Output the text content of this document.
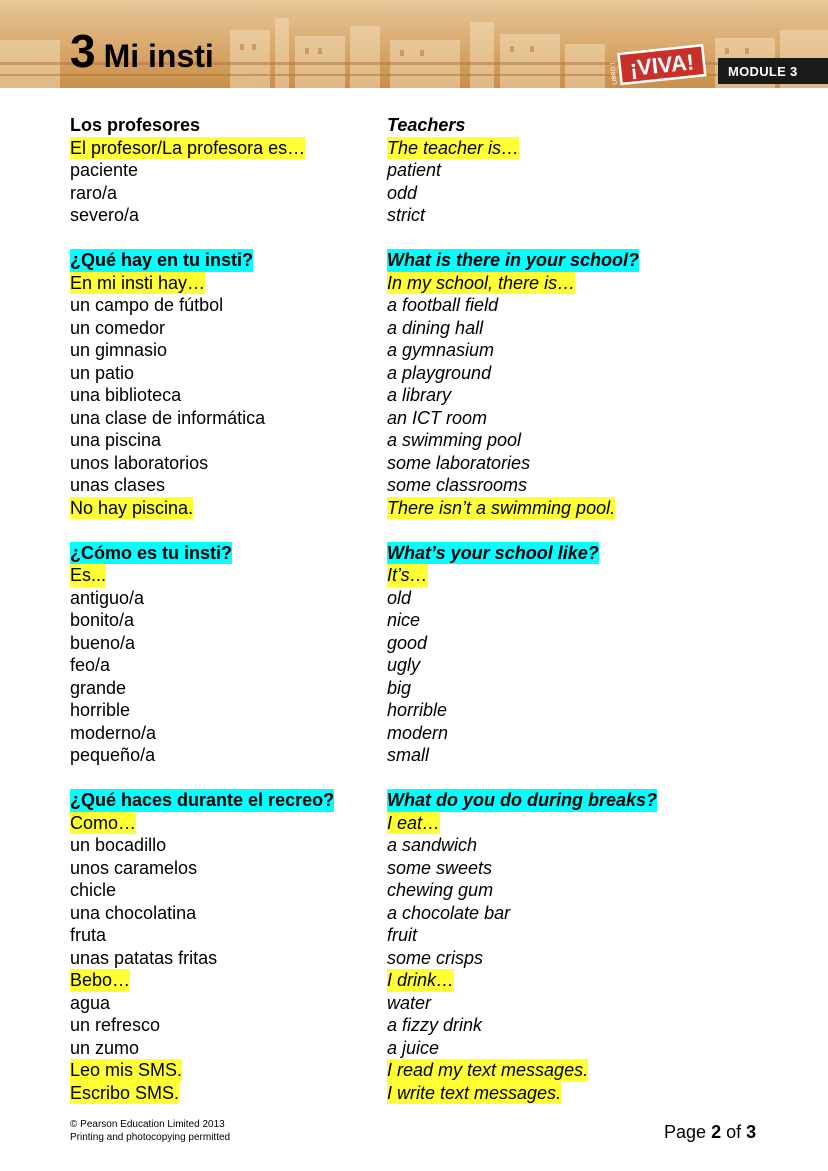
3 Mi insti	¡VIVA!
LIBRO 1	MODULE 3
Los profesores	Teachers
El profesor/La profesora es…	The teacher is…
paciente	patient
raro/a	odd
severo/a	strict
¿Qué hay en tu insti?	What is there in your school?
En mi insti hay…	In my school, there is…
un campo de fútbol	a football field
un comedor	a dining hall
un gimnasio	a gymnasium
un patio	a playground
una biblioteca	a library
una clase de informática	an ICT room
una piscina	a swimming pool
unos laboratorios	some laboratories
unas clases	some classrooms
No hay piscina.	There isn’t a swimming pool.
¿Cómo es tu insti?	What’s your school like?
Es...	It’s…
antiguo/a	old
bonito/a	nice
bueno/a	good
feo/a	ugly
grande	big
horrible	horrible
moderno/a	modern
pequeño/a	small
¿Qué haces durante el recreo?	What do you do during breaks?
Como…	I eat…
un bocadillo	a sandwich
unos caramelos	some sweets
chicle	chewing gum
una chocolatina	a chocolate bar
fruta	fruit
unas patatas fritas	some crisps
Bebo…	I drink…
agua	water
un refresco	a fizzy drink
un zumo	a juice
Leo mis SMS.	I read my text messages.
Escribo SMS.	I write text messages.
© Pearson Education Limited 2013
Printing and photocopying permitted	Page 2 of 3
